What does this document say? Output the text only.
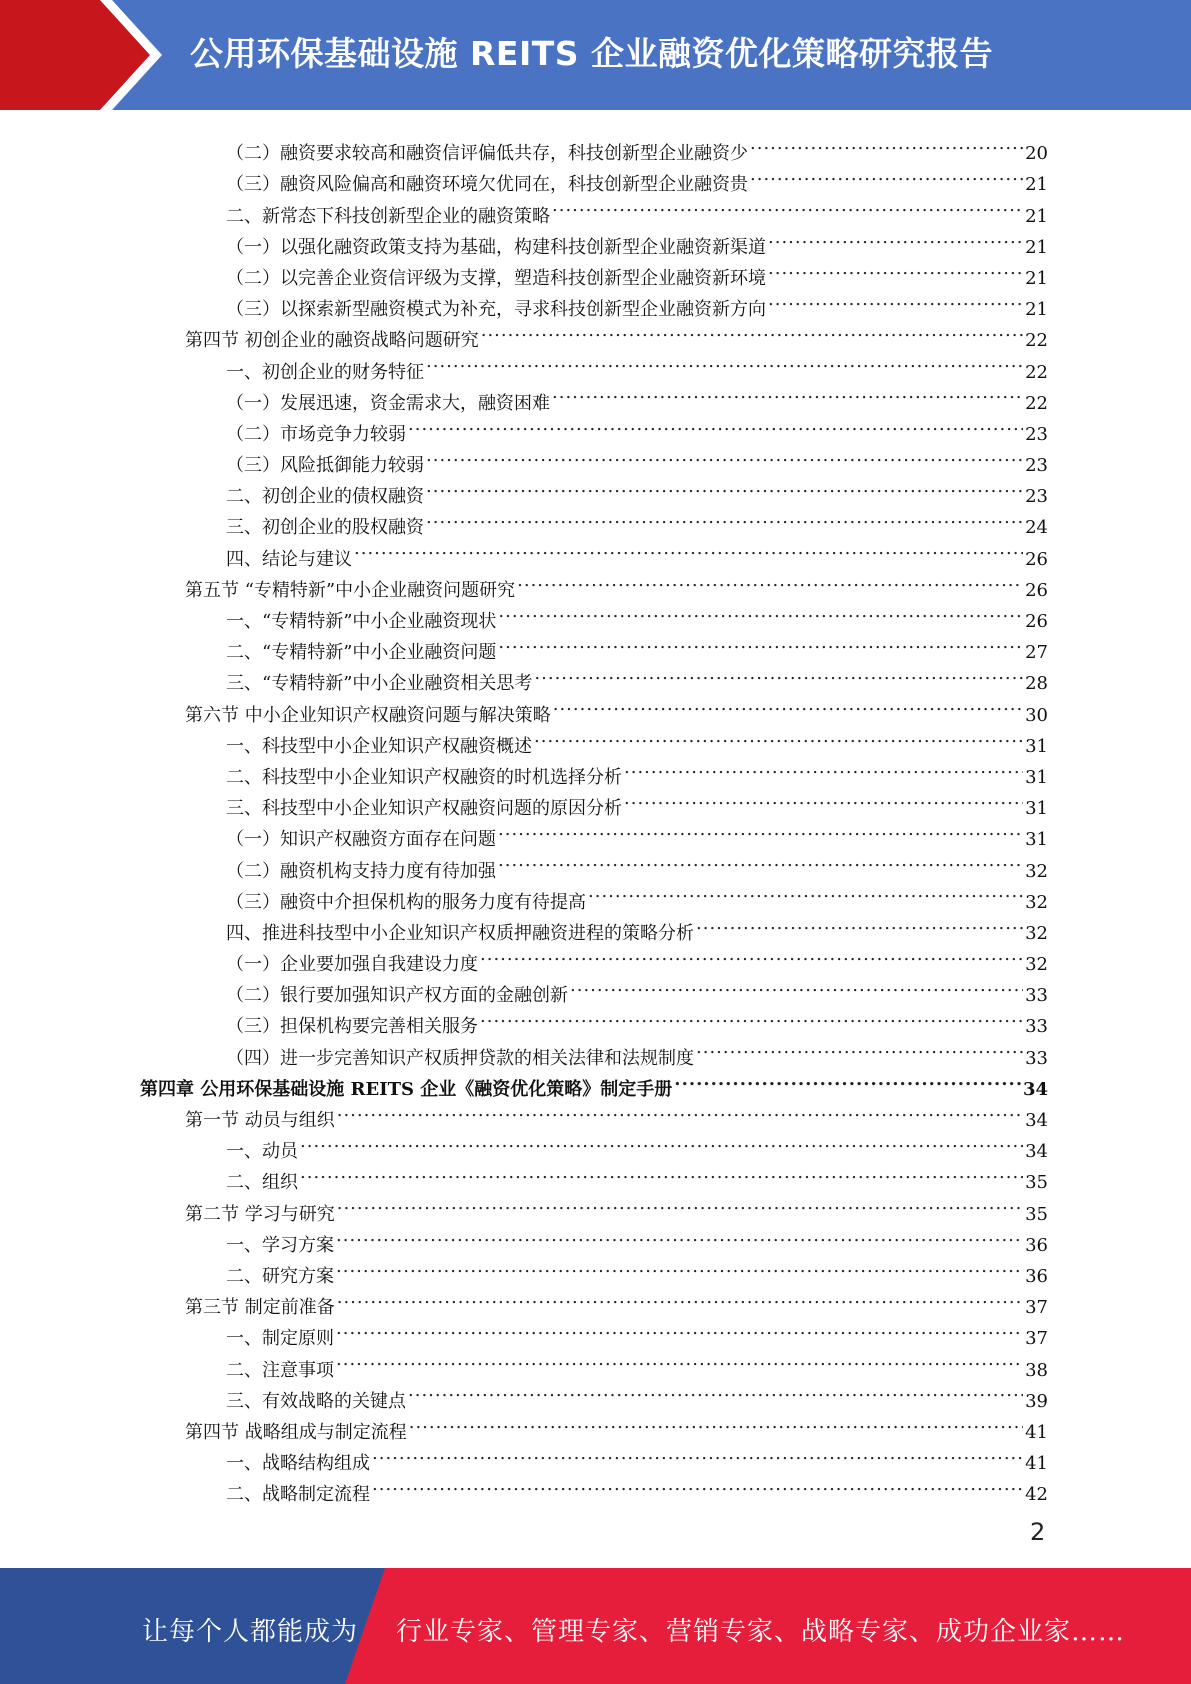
公用环保基础设施 REITS 企业融资优化策略研究报告
（二）融资要求较高和融资信评偏低共存，科技创新型企业融资少 .....	20
（三）融资风险偏高和融资环境欠优同在，科技创新型企业融资贵 .....	21
二、新常态下科技创新型企业的融资策略 .....	21
（一）以强化融资政策支持为基础，构建科技创新型企业融资新渠道 .....	21
（二）以完善企业资信评级为支撑，塑造科技创新型企业融资新环境 .....	21
（三）以探索新型融资模式为补充，寻求科技创新型企业融资新方向 .....	21
第四节 初创企业的融资战略问题研究 .....	22
一、初创企业的财务特征 .....	22
（一）发展迅速，资金需求大，融资困难 .....	22
（二）市场竞争力较弱 .....	23
（三）风险抵御能力较弱 .....	23
二、初创企业的债权融资 .....	23
三、初创企业的股权融资 .....	24
四、结论与建议 .....	26
第五节 “专精特新”中小企业融资问题研究 .....	26
一、“专精特新”中小企业融资现状 .....	26
二、“专精特新”中小企业融资问题 .....	27
三、“专精特新”中小企业融资相关思考 .....	28
第六节 中小企业知识产权融资问题与解决策略 .....	30
一、科技型中小企业知识产权融资概述 .....	31
二、科技型中小企业知识产权融资的时机选择分析 .....	31
三、科技型中小企业知识产权融资问题的原因分析 .....	31
（一）知识产权融资方面存在问题 .....	31
（二）融资机构支持力度有待加强 .....	32
（三）融资中介担保机构的服务力度有待提高 .....	32
四、推进科技型中小企业知识产权质押融资进程的策略分析 .....	32
（一）企业要加强自我建设力度 .....	32
（二）银行要加强知识产权方面的金融创新 .....	33
（三）担保机构要完善相关服务 .....	33
（四）进一步完善知识产权质押贷款的相关法律和法规制度 .....	33
第四章 公用环保基础设施 REITS 企业《融资优化策略》制定手册 .....	34
第一节 动员与组织 .....	34
一、动员 .....	34
二、组织 .....	35
第二节 学习与研究 .....	35
一、学习方案 .....	36
二、研究方案 .....	36
第三节 制定前准备 .....	37
一、制定原则 .....	37
二、注意事项 .....	38
三、有效战略的关键点 .....	39
第四节 战略组成与制定流程 .....	41
一、战略结构组成 .....	41
二、战略制定流程 .....	42
2
让每个人都能成为 行业专家、管理专家、营销专家、战略专家、成功企业家……
